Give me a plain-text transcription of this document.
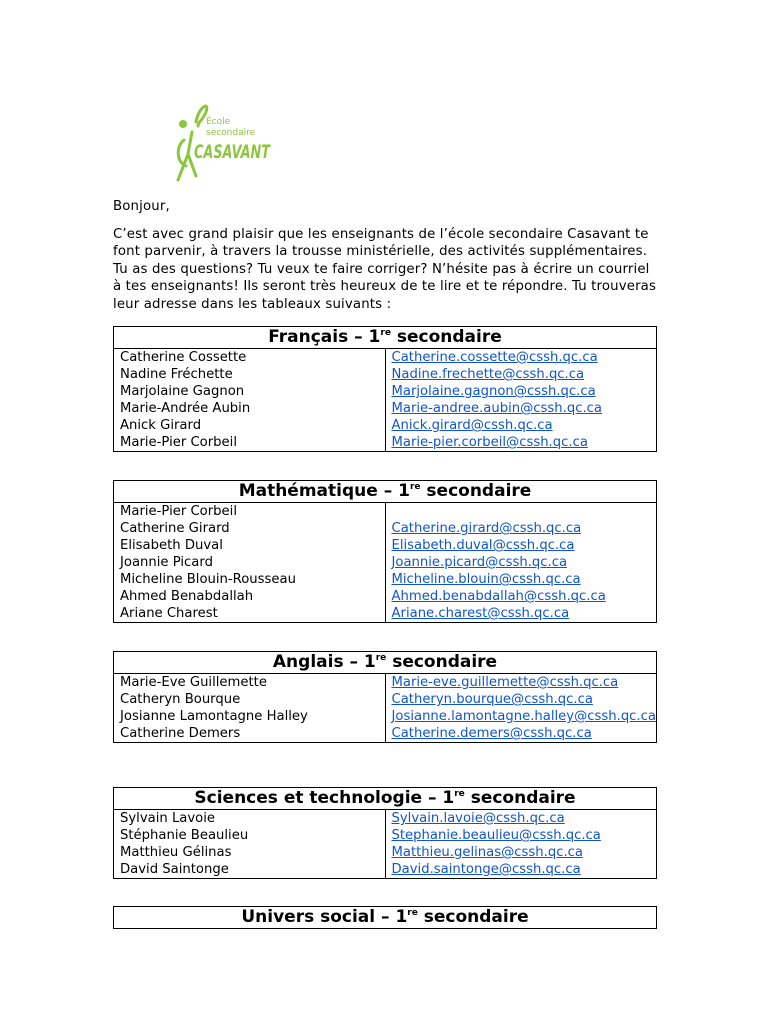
École
secondaire
CASAVANT

Bonjour,

C’est avec grand plaisir que les enseignants de l’école secondaire Casavant te font parvenir, à travers la trousse ministérielle, des activités supplémentaires. Tu as des questions? Tu veux te faire corriger? N’hésite pas à écrire un courriel à tes enseignants! Ils seront très heureux de te lire et te répondre. Tu trouveras leur adresse dans les tableaux suivants :

Français – 1re secondaire	
Catherine Cossette	Catherine.cossette@cssh.qc.ca
Nadine Fréchette	Nadine.frechette@cssh.qc.ca
Marjolaine Gagnon	Marjolaine.gagnon@cssh.qc.ca
Marie-Andrée Aubin	Marie-andree.aubin@cssh.qc.ca
Anick Girard	Anick.girard@cssh.qc.ca
Marie-Pier Corbeil	Marie-pier.corbeil@cssh.qc.ca
Mathématique – 1re secondaire	
Marie-Pier Corbeil	
Catherine Girard	Catherine.girard@cssh.qc.ca
Elisabeth Duval	Elisabeth.duval@cssh.qc.ca
Joannie Picard	Joannie.picard@cssh.qc.ca
Micheline Blouin-Rousseau	Micheline.blouin@cssh.qc.ca
Ahmed Benabdallah	Ahmed.benabdallah@cssh.qc.ca
Ariane Charest	Ariane.charest@cssh.qc.ca
Anglais – 1re secondaire	
Marie-Eve Guillemette	Marie-eve.guillemette@cssh.qc.ca
Catheryn Bourque	Catheryn.bourque@cssh.qc.ca
Josianne Lamontagne Halley	Josianne.lamontagne.halley@cssh.qc.ca
Catherine Demers	Catherine.demers@cssh.qc.ca
Sciences et technologie – 1re secondaire	
Sylvain Lavoie	Sylvain.lavoie@cssh.qc.ca
Stéphanie Beaulieu	Stephanie.beaulieu@cssh.qc.ca
Matthieu Gélinas	Matthieu.gelinas@cssh.qc.ca
David Saintonge	David.saintonge@cssh.qc.ca
Univers social – 1re secondaire
